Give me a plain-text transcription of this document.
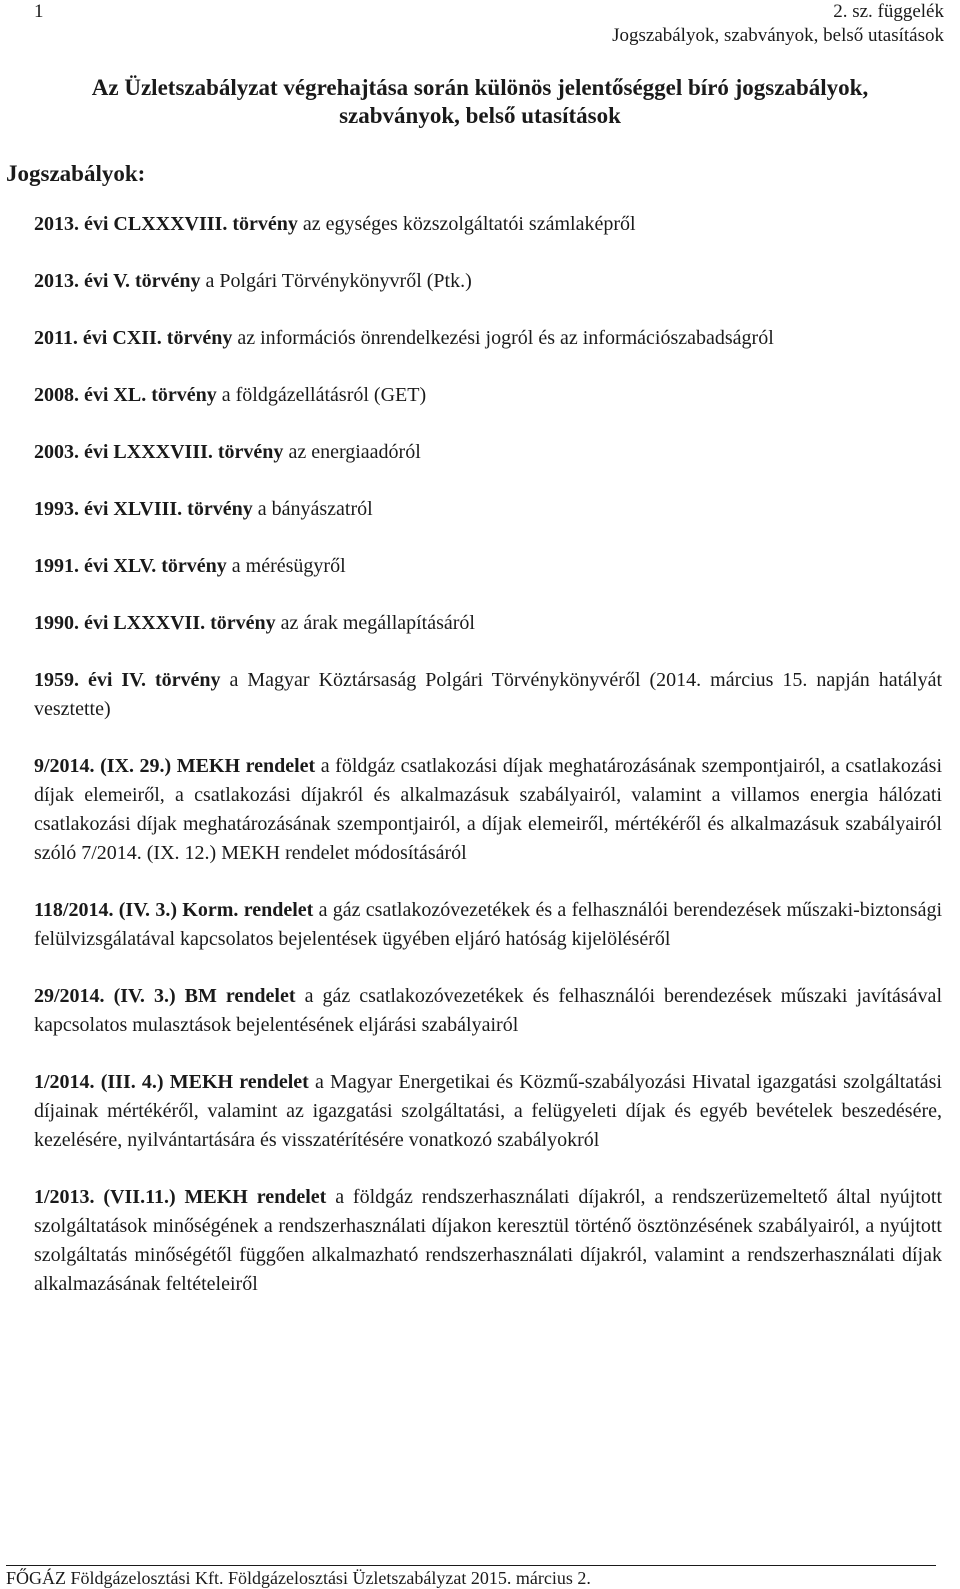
1	2. sz. függelék
Jogszabályok, szabványok, belső utasítások
Az Üzletszabályzat végrehajtása során különös jelentőséggel bíró jogszabályok,
szabványok, belső utasítások
Jogszabályok:

2013. évi CLXXXVIII. törvény az egységes közszolgáltatói számlaképről

2013. évi V. törvény a Polgári Törvénykönyvről (Ptk.)

2011. évi CXII. törvény az információs önrendelkezési jogról és az információszabadságról

2008. évi XL. törvény a földgázellátásról (GET)

2003. évi LXXXVIII. törvény az energiaadóról

1993. évi XLVIII. törvény a bányászatról

1991. évi XLV. törvény a mérésügyről

1990. évi LXXXVII. törvény az árak megállapításáról

1959. évi IV. törvény a Magyar Köztársaság Polgári Törvénykönyvéről (2014. március 15. napján hatályát vesztette)

9/2014. (IX. 29.) MEKH rendelet a földgáz csatlakozási díjak meghatározásának szempontjairól, a csatlakozási díjak elemeiről, a csatlakozási díjakról és alkalmazásuk szabályairól, valamint a villamos energia hálózati csatlakozási díjak meghatározásának szempontjairól, a díjak elemeiről, mértékéről és alkalmazásuk szabályairól szóló 7/2014. (IX. 12.) MEKH rendelet módosításáról

118/2014. (IV. 3.) Korm. rendelet a gáz csatlakozóvezetékek és a felhasználói berendezések műszaki-biztonsági felülvizsgálatával kapcsolatos bejelentések ügyében eljáró hatóság kijelöléséről

29/2014. (IV. 3.) BM rendelet a gáz csatlakozóvezetékek és felhasználói berendezések műszaki javításával kapcsolatos mulasztások bejelentésének eljárási szabályairól

1/2014. (III. 4.) MEKH rendelet a Magyar Energetikai és Közmű-szabályozási Hivatal igazgatási szolgáltatási díjainak mértékéről, valamint az igazgatási szolgáltatási, a felügyeleti díjak és egyéb bevételek beszedésére, kezelésére, nyilvántartására és visszatérítésére vonatkozó szabályokról

1/2013. (VII.11.) MEKH rendelet a földgáz rendszerhasználati díjakról, a rendszerüzemeltető által nyújtott szolgáltatások minőségének a rendszerhasználati díjakon keresztül történő ösztönzésének szabályairól, a nyújtott szolgáltatás minőségétől függően alkalmazható rendszerhasználati díjakról, valamint a rendszerhasználati díjak alkalmazásának feltételeiről

FŐGÁZ Földgázelosztási Kft. Földgázelosztási Üzletszabályzat 2015. március 2.
